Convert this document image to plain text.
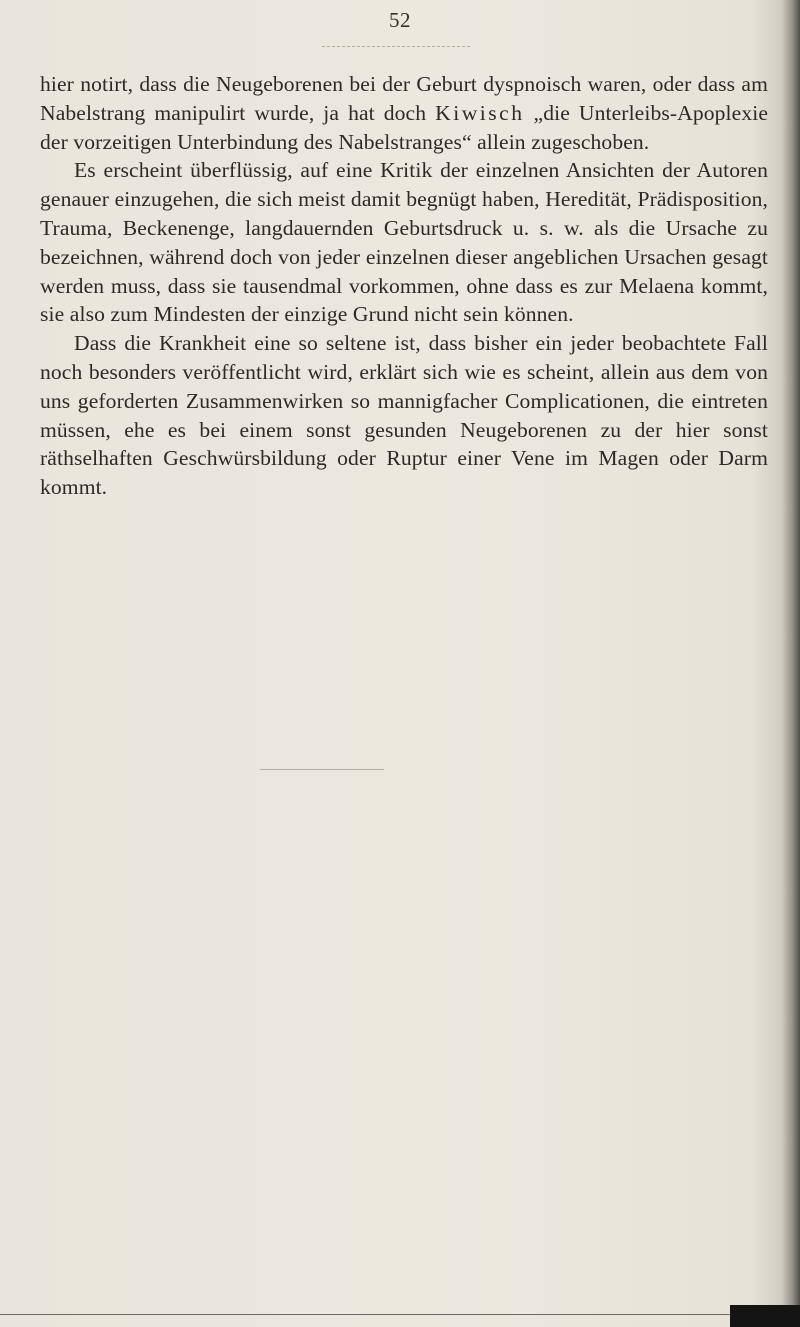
52

hier notirt, dass die Neugeborenen bei der Geburt dyspnoisch waren, oder dass am Nabelstrang manipulirt wurde, ja hat doch Kiwisch „die Unterleibs-Apoplexie der vorzeitigen Unterbindung des Nabelstranges“ allein zugeschoben.

Es erscheint überflüssig, auf eine Kritik der einzelnen Ansichten der Autoren genauer einzugehen, die sich meist damit begnügt haben, Heredität, Prädisposition, Trauma, Beckenenge, langdauernden Geburtsdruck u. s. w. als die Ursache zu bezeichnen, während doch von jeder einzelnen dieser angeblichen Ursachen gesagt werden muss, dass sie tausendmal vorkommen, ohne dass es zur Melaena kommt, sie also zum Mindesten der einzige Grund nicht sein können.

Dass die Krankheit eine so seltene ist, dass bisher ein jeder beobachtete Fall noch besonders veröffentlicht wird, erklärt sich wie es scheint, allein aus dem von uns geforderten Zusammenwirken so mannigfacher Complicationen, die eintreten müssen, ehe es bei einem sonst gesunden Neugeborenen zu der hier sonst räthselhaften Geschwürsbildung oder Ruptur einer Vene im Magen oder Darm kommt.
